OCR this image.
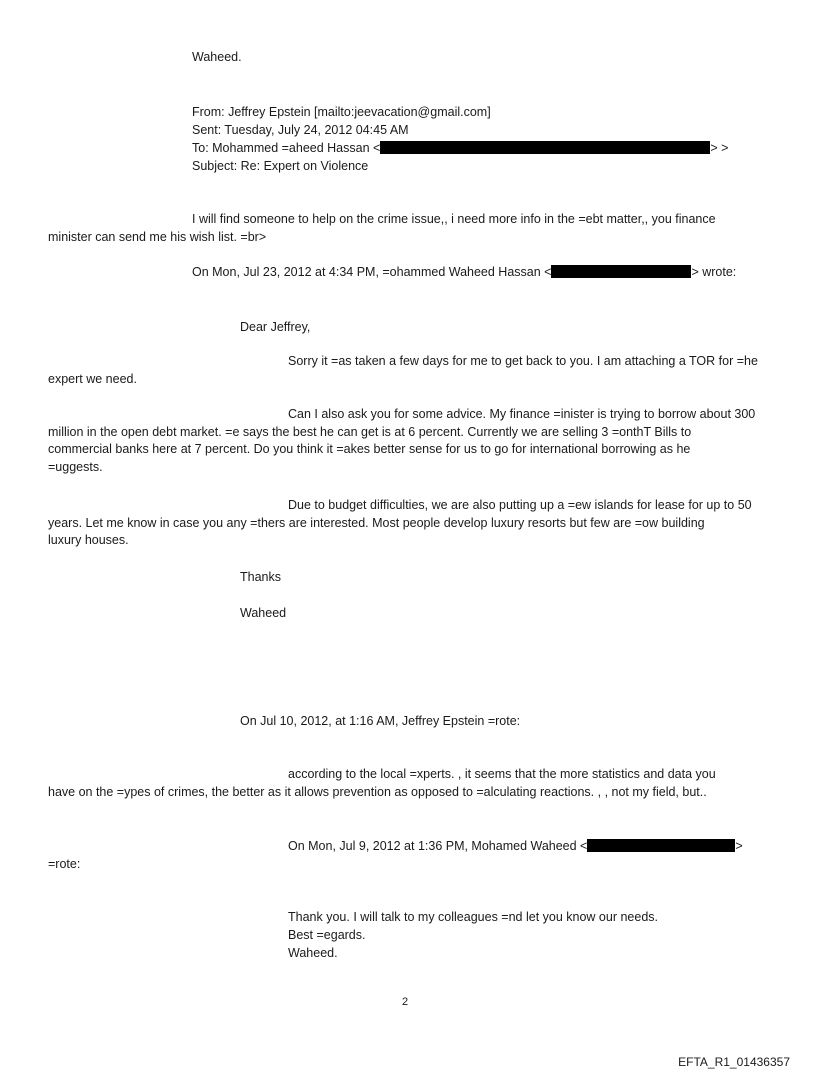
Waheed.
From: Jeffrey Epstein [mailto:jeevacation@gmail.com]
Sent: Tuesday, July 24, 2012 04:45 AM
To: Mohammed =aheed Hassan <	> >
Subject: Re: Expert on Violence
I will find someone to help on the crime issue,, i need more info in the =ebt matter,, you finance
minister can send me his wish list. =br>
On Mon, Jul 23, 2012 at 4:34 PM, =ohammed Waheed Hassan <	> wrote:
Dear Jeffrey,
Sorry it =as taken a few days for me to get back to you. I am attaching a TOR for =he
expert we need.
Can I also ask you for some advice. My finance =inister is trying to borrow about 300
million in the open debt market. =e says the best he can get is at 6 percent. Currently we are selling 3 =onthT Bills to
commercial banks here at 7 percent. Do you think it =akes better sense for us to go for international borrowing as he
=uggests.
Due to budget difficulties, we are also putting up a =ew islands for lease for up to 50
years. Let me know in case you any =thers are interested. Most people develop luxury resorts but few are =ow building
luxury houses.
Thanks
Waheed
On Jul 10, 2012, at 1:16 AM, Jeffrey Epstein =rote:
according to the local =xperts. , it seems that the more statistics and data you
have on the =ypes of crimes, the better as it allows prevention as opposed to =alculating reactions. , , not my field, but..
On Mon, Jul 9, 2012 at 1:36 PM, Mohamed Waheed <	>
=rote:
Thank you. I will talk to my colleagues =nd let you know our needs.
Best =egards.
Waheed.
2
EFTA_R1_01436357
